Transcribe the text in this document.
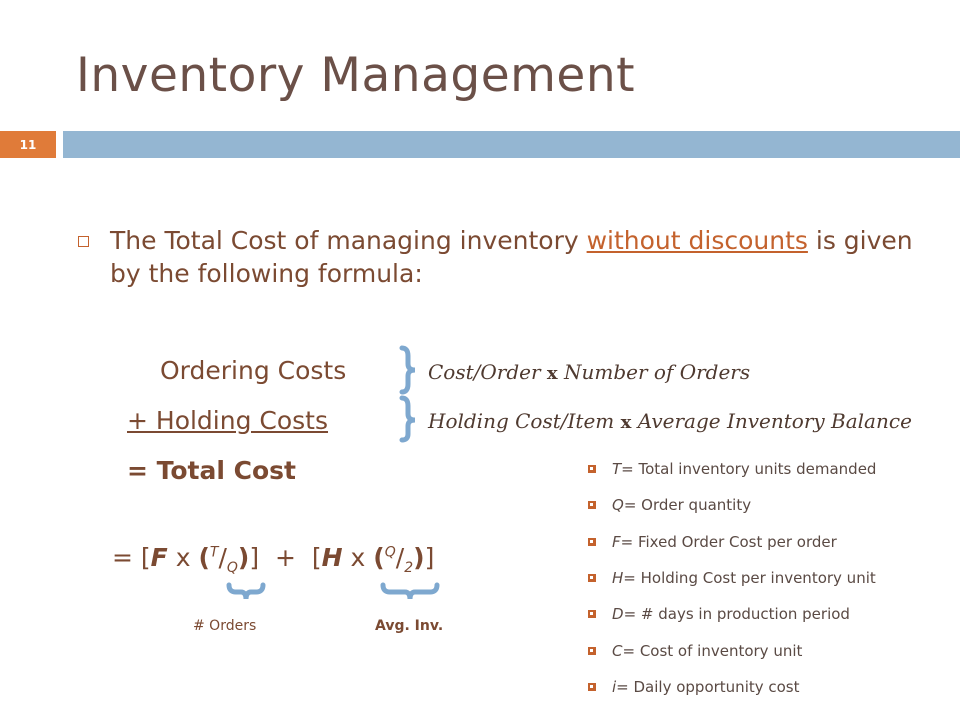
Inventory Management
11
The Total Cost of managing inventory without discounts is given by the following formula:
Ordering Costs
+ Holding Costs
= Total Cost
Cost/Order x Number of Orders
Holding Cost/Item x Average Inventory Balance
= [F x $(^T/_Q)] + [H$ x $(^Q/_2)$]
# Orders	Avg. Inv.
T = Total inventory units demanded
Q = Order quantity
F = Fixed Order Cost per order
H = Holding Cost per inventory unit
D = # days in production period
C = Cost of inventory unit
i = Daily opportunity cost
